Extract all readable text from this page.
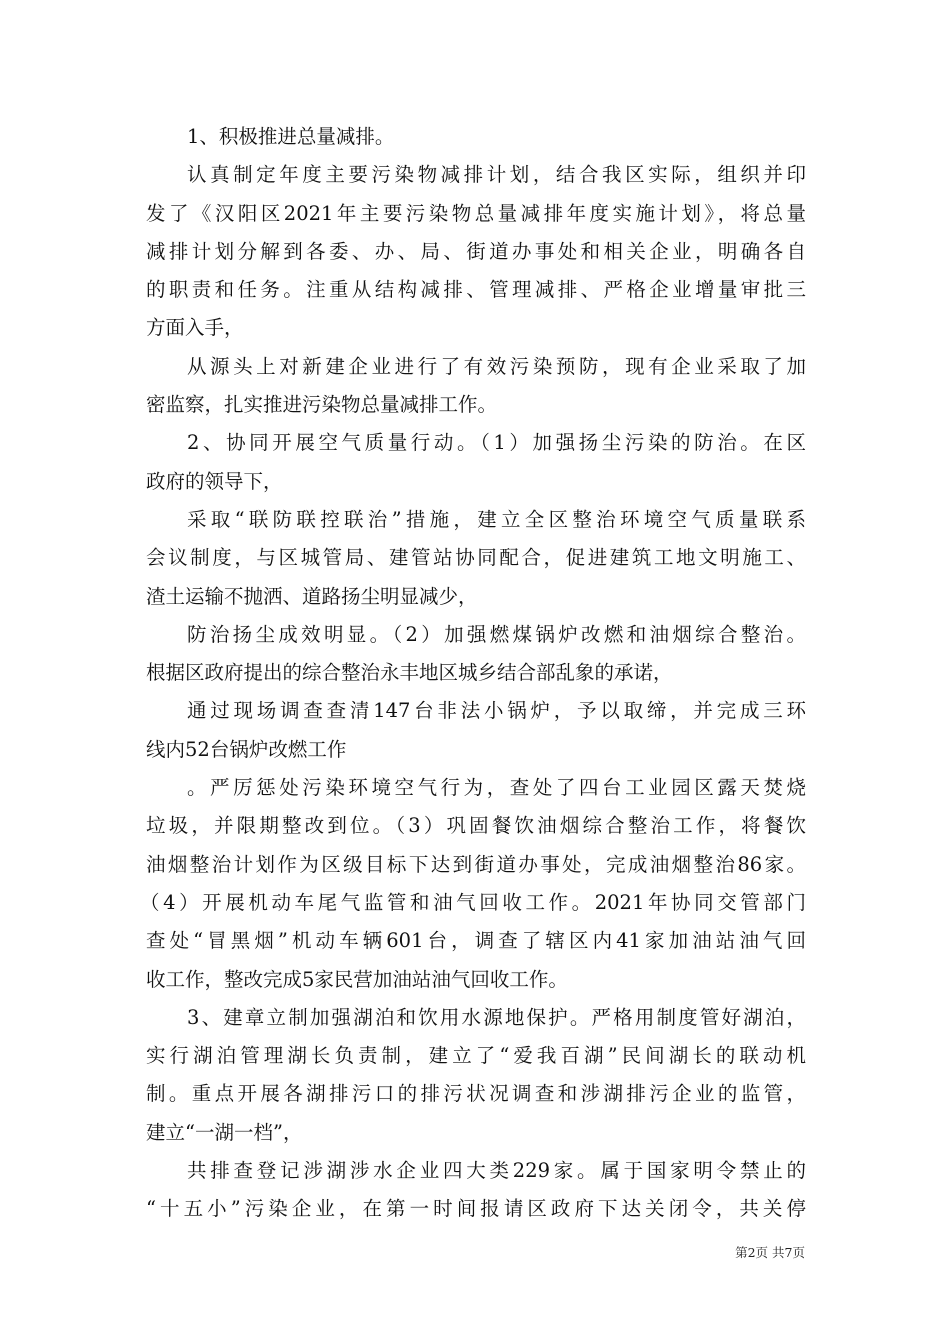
1、积极推进总量减排。
认真制定年度主要污染物减排计划，结合我区实际，组织并印
发了《汉阳区2021年主要污染物总量减排年度实施计划》，将总量
减排计划分解到各委、办、局、街道办事处和相关企业，明确各自
的职责和任务。注重从结构减排、管理减排、严格企业增量审批三
方面入手，
从源头上对新建企业进行了有效污染预防，现有企业采取了加
密监察，扎实推进污染物总量减排工作。
2、协同开展空气质量行动。（1）加强扬尘污染的防治。在区
政府的领导下，
采取“联防联控联治”措施，建立全区整治环境空气质量联系
会议制度，与区城管局、建管站协同配合，促进建筑工地文明施工、
渣土运输不抛洒、道路扬尘明显减少，
防治扬尘成效明显。（2）加强燃煤锅炉改燃和油烟综合整治。
根据区政府提出的综合整治永丰地区城乡结合部乱象的承诺，
通过现场调查查清147台非法小锅炉，予以取缔，并完成三环
线内52台锅炉改燃工作
。严厉惩处污染环境空气行为，查处了四台工业园区露天焚烧
垃圾，并限期整改到位。（3）巩固餐饮油烟综合整治工作，将餐饮
油烟整治计划作为区级目标下达到街道办事处，完成油烟整治86家。
（4）开展机动车尾气监管和油气回收工作。2021年协同交管部门
查处“冒黑烟”机动车辆601台，调查了辖区内41家加油站油气回
收工作，整改完成5家民营加油站油气回收工作。
3、建章立制加强湖泊和饮用水源地保护。严格用制度管好湖泊，
实行湖泊管理湖长负责制，建立了“爱我百湖”民间湖长的联动机
制。重点开展各湖排污口的排污状况调查和涉湖排污企业的监管，
建立“一湖一档”，
共排查登记涉湖涉水企业四大类229家。属于国家明令禁止的
“十五小”污染企业，在第一时间报请区政府下达关闭令，共关停
第2页 共7页
